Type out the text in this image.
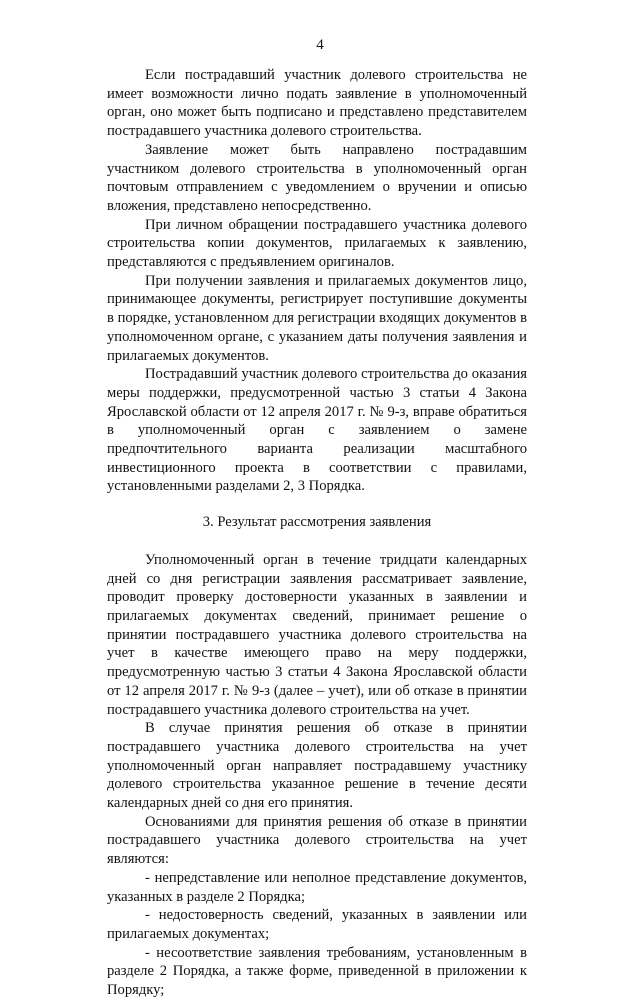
4

Если пострадавший участник долевого строительства не имеет возможности лично подать заявление в уполномоченный орган, оно может быть подписано и представлено представителем пострадавшего участника долевого строительства.

Заявление может быть направлено пострадавшим участником долевого строительства в уполномоченный орган почтовым отправлением с уведомлением о вручении и описью вложения, представлено непосредственно.

При личном обращении пострадавшего участника долевого строительства копии документов, прилагаемых к заявлению, представляются с предъявлением оригиналов.

При получении заявления и прилагаемых документов лицо, принимающее документы, регистрирует поступившие документы в порядке, установленном для регистрации входящих документов в уполномоченном органе, с указанием даты получения заявления и прилагаемых документов.

Пострадавший участник долевого строительства до оказания меры поддержки, предусмотренной частью 3 статьи 4 Закона Ярославской области от 12 апреля 2017 г. № 9-з, вправе обратиться в уполномоченный орган с заявлением о замене предпочтительного варианта реализации масштабного инвестиционного проекта в соответствии с правилами, установленными разделами 2, 3 Порядка.

3. Результат рассмотрения заявления

Уполномоченный орган в течение тридцати календарных дней со дня регистрации заявления рассматривает заявление, проводит проверку достоверности указанных в заявлении и прилагаемых документах сведений, принимает решение о принятии пострадавшего участника долевого строительства на учет в качестве имеющего право на меру поддержки, предусмотренную частью 3 статьи 4 Закона Ярославской области от 12 апреля 2017 г. № 9-з (далее – учет), или об отказе в принятии пострадавшего участника долевого строительства на учет.

В случае принятия решения об отказе в принятии пострадавшего участника долевого строительства на учет уполномоченный орган направляет пострадавшему участнику долевого строительства указанное решение в течение десяти календарных дней со дня его принятия.

Основаниями для принятия решения об отказе в принятии пострадавшего участника долевого строительства на учет являются:

- непредставление или неполное представление документов, указанных в разделе 2 Порядка;

- недостоверность сведений, указанных в заявлении или прилагаемых документах;

- несоответствие заявления требованиям, установленным в разделе 2 Порядка, а также форме, приведенной в приложении к Порядку;
